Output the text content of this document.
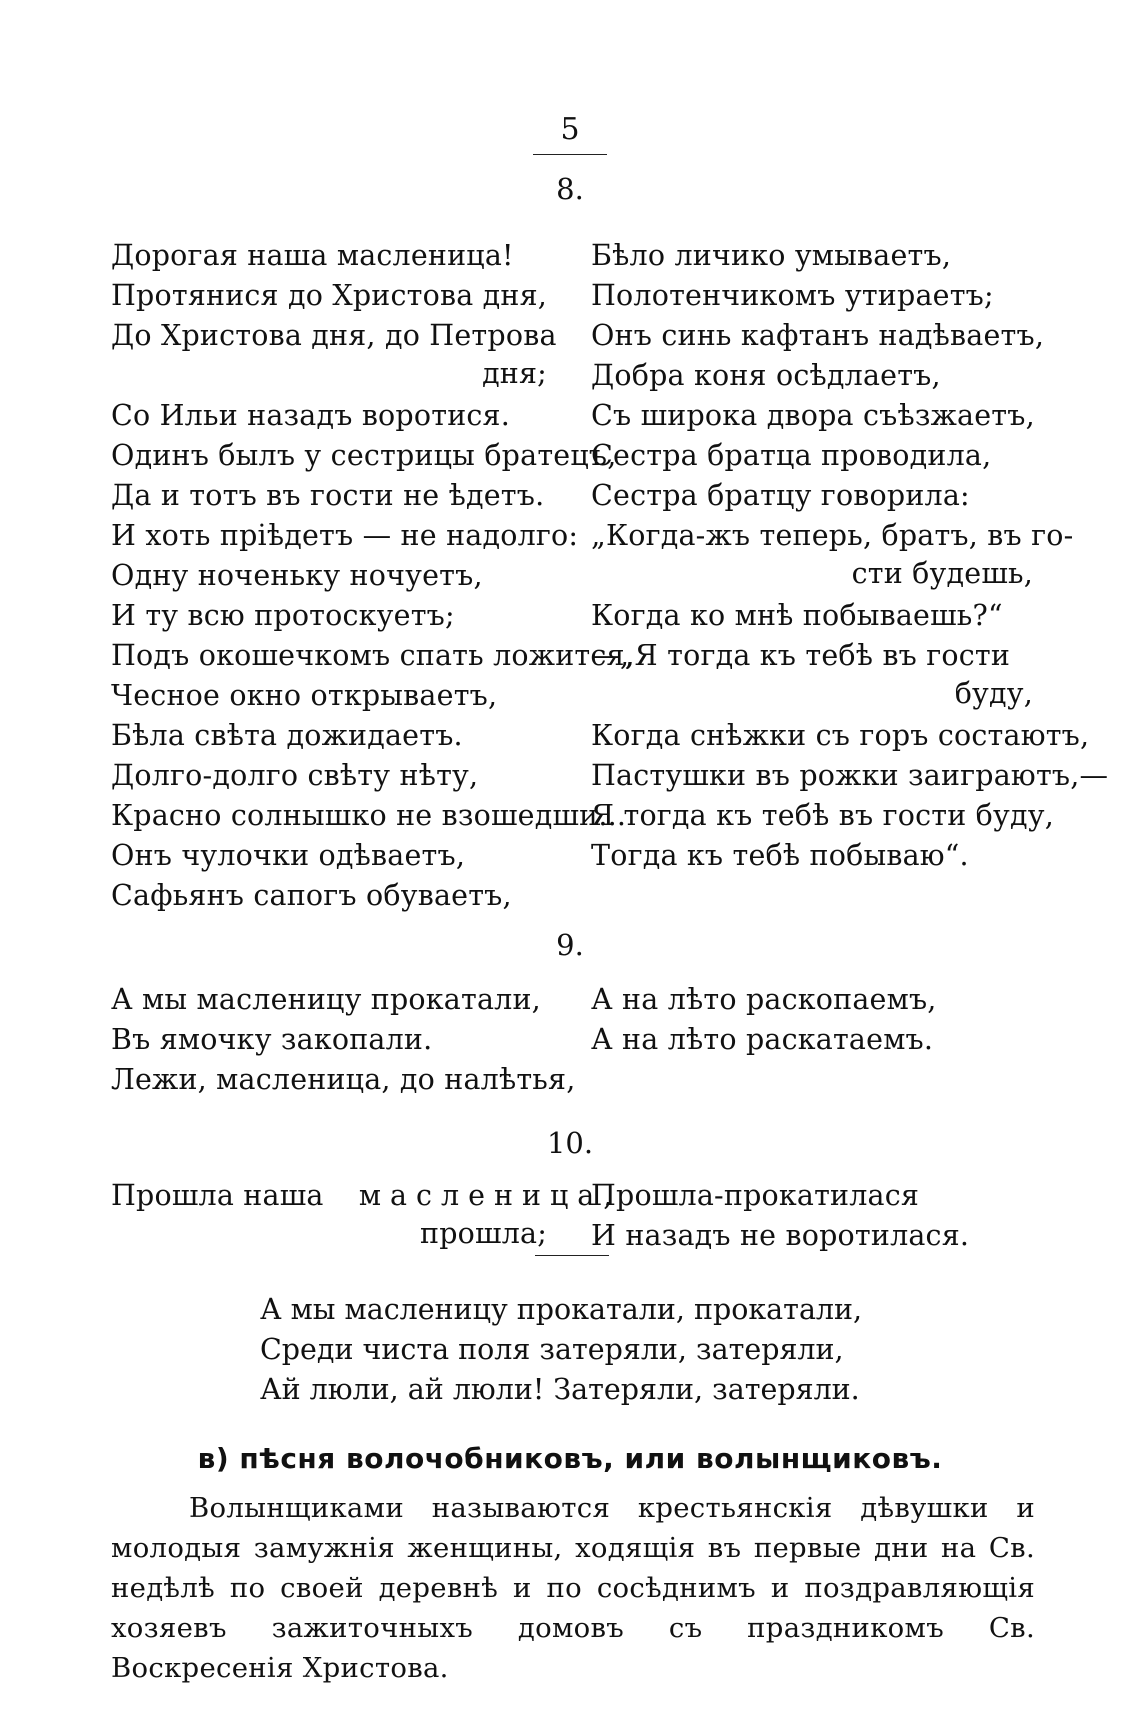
5

8.

Дорогая наша масленица!
Протянися до Христова дня,
До Христова дня, до Петрова
дня;
Со Ильи назадъ воротися.
Одинъ былъ у сестрицы братецъ,
Да и тотъ въ гости не ѣдетъ.
И хоть пріѣдетъ — не надолго:
Одну ноченьку ночуетъ,
И ту всю протоскуетъ;
Подъ окошечкомъ спать ложится,
Чесное окно открываетъ,
Бѣла свѣта дожидаетъ.
Долго-долго свѣту нѣту,
Красно солнышко не взошедши...
Онъ чулочки одѣваетъ,
Сафьянъ сапогъ обуваетъ,
Бѣло личико умываетъ,
Полотенчикомъ утираетъ;
Онъ синь кафтанъ надѣваетъ,
Добра коня осѣдлаетъ,
Съ широка двора съѣзжаетъ,
Сестра братца проводила,
Сестра братцу говорила:
„Когда-жъ теперь, братъ, въ го-
сти будешь,
Когда ко мнѣ побываешь?“
—„Я тогда къ тебѣ въ гости
буду,
Когда снѣжки съ горъ состаютъ,
Пастушки въ рожки заиграютъ,—
Я тогда къ тебѣ въ гости буду,
Тогда къ тебѣ побываю“.

9.

А мы масленицу прокатали,
Въ ямочку закопали.
Лежи, масленица, до налѣтья,
А на лѣто раскопаемъ,
А на лѣто раскатаемъ.

10.

Прошла наша масленица,
прошла;
Прошла-прокатилася
И назадъ не воротилася.
А мы масленицу прокатали, прокатали,
Среди чиста поля затеряли, затеряли,
Ай люли, ай люли! Затеряли, затеряли.
в) пѣсня волочобниковъ, или волынщиковъ.

Волынщиками называются крестьянскія дѣвушки и молодыя замужнія женщины, ходящія въ первые дни на Св. недѣлѣ по своей деревнѣ и по сосѣднимъ и поздравляющія хозяевъ зажиточныхъ домовъ съ праздникомъ Св. Воскресенія Христова.
